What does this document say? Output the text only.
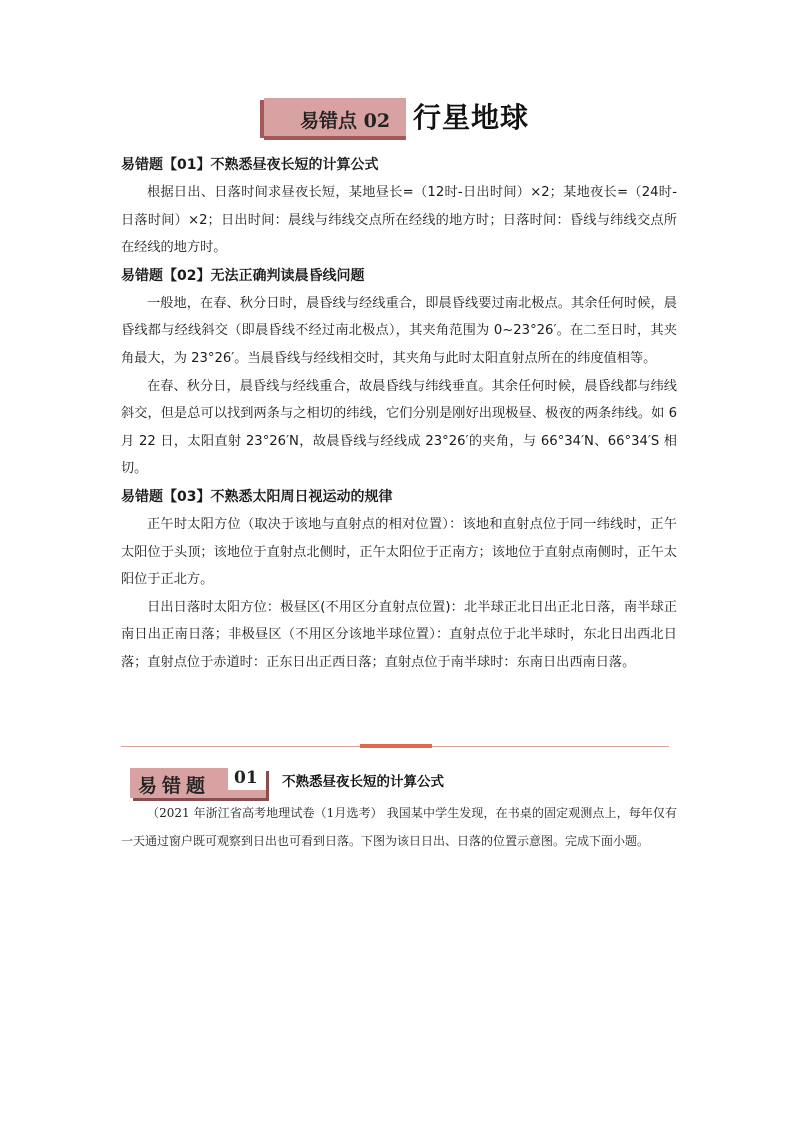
易错点 02 行星地球

易错题【01】不熟悉昼夜长短的计算公式

根据日出、日落时间求昼夜长短，某地昼长=（12时-日出时间）×2；某地夜长=（24时-日落时间）×2；日出时间：晨线与纬线交点所在经线的地方时；日落时间：昏线与纬线交点所在经线的地方时。

易错题【02】无法正确判读晨昏线问题

一般地，在春、秋分日时，晨昏线与经线重合，即晨昏线要过南北极点。其余任何时候，晨昏线都与经线斜交（即晨昏线不经过南北极点），其夹角范围为 0~23°26′。在二至日时，其夹角最大，为 23°26′。当晨昏线与经线相交时，其夹角与此时太阳直射点所在的纬度值相等。

在春、秋分日，晨昏线与经线重合，故晨昏线与纬线垂直。其余任何时候，晨昏线都与纬线斜交，但是总可以找到两条与之相切的纬线，它们分别是刚好出现极昼、极夜的两条纬线。如 6 月 22 日，太阳直射 23°26′N，故晨昏线与经线成 23°26′的夹角，与 66°34′N、66°34′S 相切。

易错题【03】不熟悉太阳周日视运动的规律

正午时太阳方位（取决于该地与直射点的相对位置）：该地和直射点位于同一纬线时，正午太阳位于头顶；该地位于直射点北侧时，正午太阳位于正南方；该地位于直射点南侧时，正午太阳位于正北方。

日出日落时太阳方位：极昼区(不用区分直射点位置)：北半球正北日出正北日落，南半球正南日出正南日落；非极昼区（不用区分该地半球位置）：直射点位于北半球时，东北日出西北日落；直射点位于赤道时：正东日出正西日落；直射点位于南半球时：东南日出西南日落。

易错题 01 不熟悉昼夜长短的计算公式

（2021 年浙江省高考地理试卷（1月选考） 我国某中学生发现，在书桌的固定观测点上，每年仅有一天通过窗户既可观察到日出也可看到日落。下图为该日日出、日落的位置示意图。完成下面小题。
